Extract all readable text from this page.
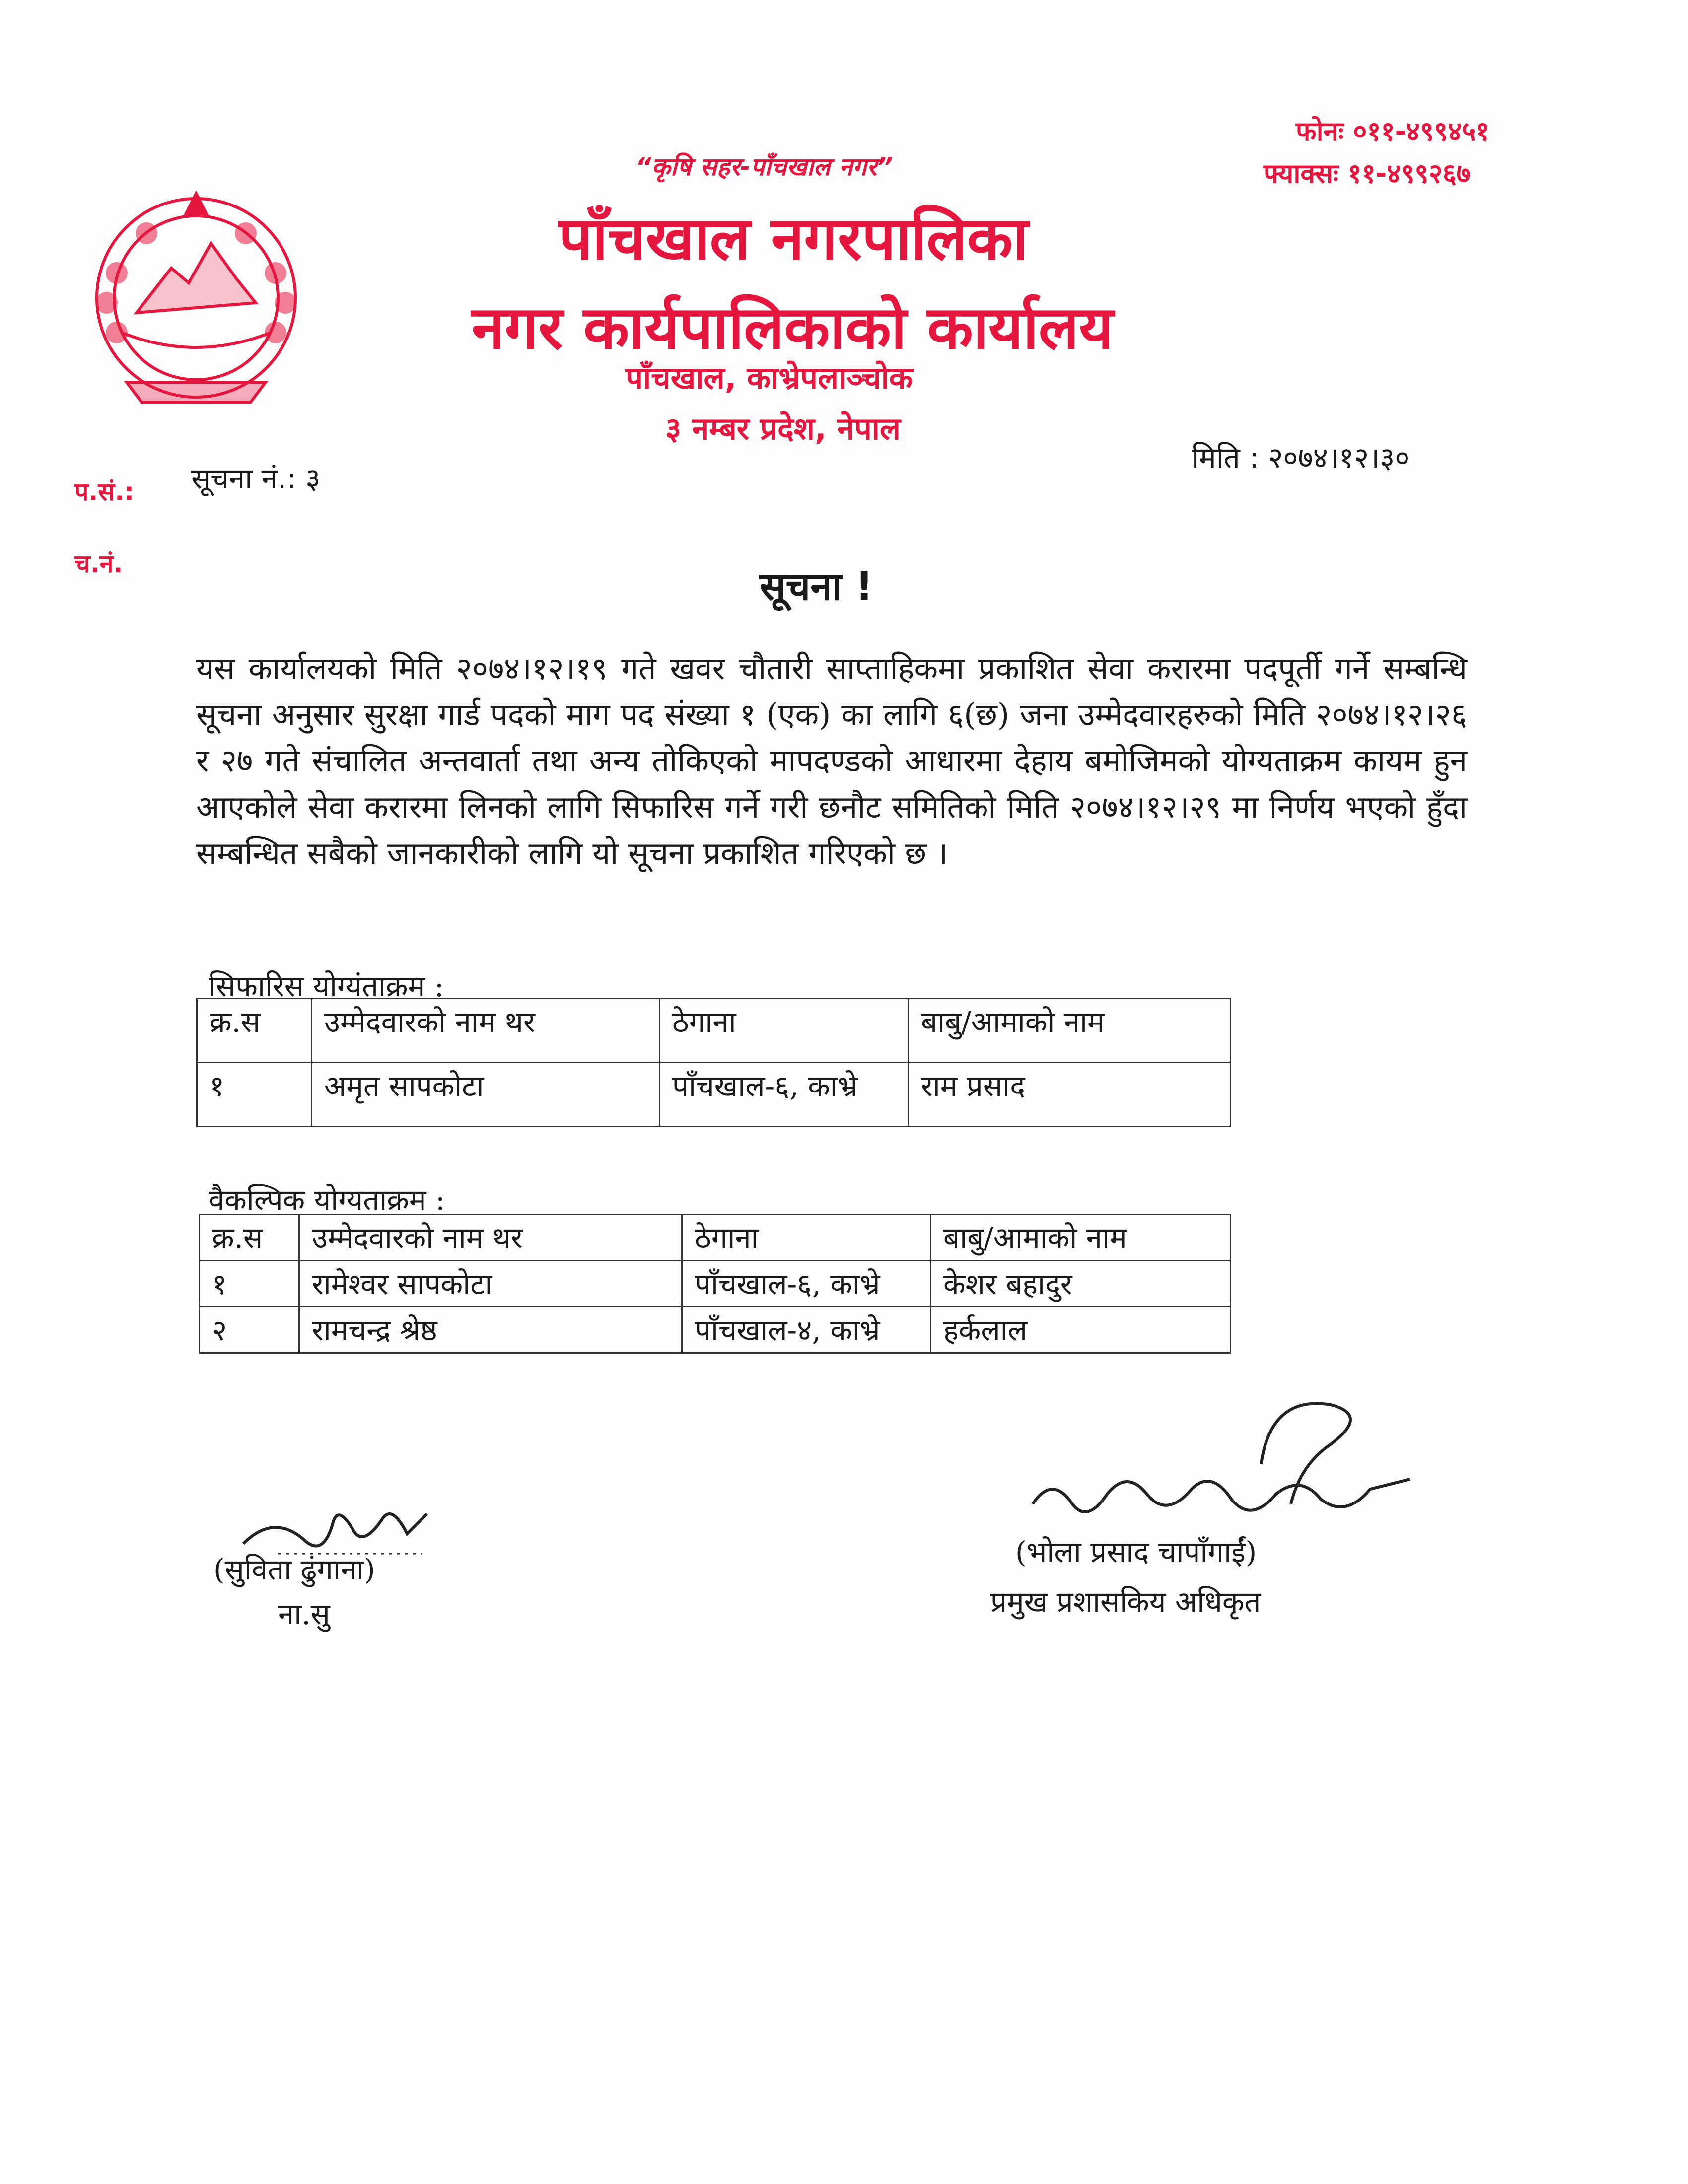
“कृषि सहर-पाँचखाल नगर”
पाँचखाल नगरपालिका
नगर कार्यपालिकाको कार्यालय
पाँचखाल, काभ्रेपलाञ्चोक
३ नम्बर प्रदेश, नेपाल
फोनः ०११-४९९४५१
फ्याक्सः ११-४९९२६७
प.सं.:
च.नं.
सूचना नं.: ३
मिति : २०७४।१२।३०
सूचना !
यस कार्यालयको मिति २०७४।१२।१९ गते खवर चौतारी साप्ताहिकमा प्रकाशित सेवा करारमा पदपूर्ती गर्ने सम्बन्धि सूचना अनुसार सुरक्षा गार्ड पदको माग पद संख्या १ (एक) का लागि ६(छ) जना उम्मेदवारहरुको मिति २०७४।१२।२६ र २७ गते संचालित अन्तवार्ता तथा अन्य तोकिएको मापदण्डको आधारमा देहाय बमोजिमको योग्यताक्रम कायम हुन आएकोले सेवा करारमा लिनको लागि सिफारिस गर्ने गरी छनौट समितिको मिति २०७४।१२।२९ मा निर्णय भएको हुँदा सम्बन्धित सबैको जानकारीको लागि यो सूचना प्रकाशित गरिएको छ ।
सिफारिस योग्यंताक्रम :
क्र.स	उम्मेदवारको नाम थर	ठेगाना	बाबु/आमाको नाम
१	अमृत सापकोटा	पाँचखाल-६, काभ्रे	राम प्रसाद
वैकल्पिक योग्यताक्रम :
क्र.स	उम्मेदवारको नाम थर	ठेगाना	बाबु/आमाको नाम
१	रामेश्वर सापकोटा	पाँचखाल-६, काभ्रे	केशर बहादुर
२	रामचन्द्र श्रेष्ठ	पाँचखाल-४, काभ्रे	हर्कलाल
(सुविता ढुंगाना)
ना.सु
(भोला प्रसाद चापाँगाईं)
प्रमुख प्रशासकिय अधिकृत
